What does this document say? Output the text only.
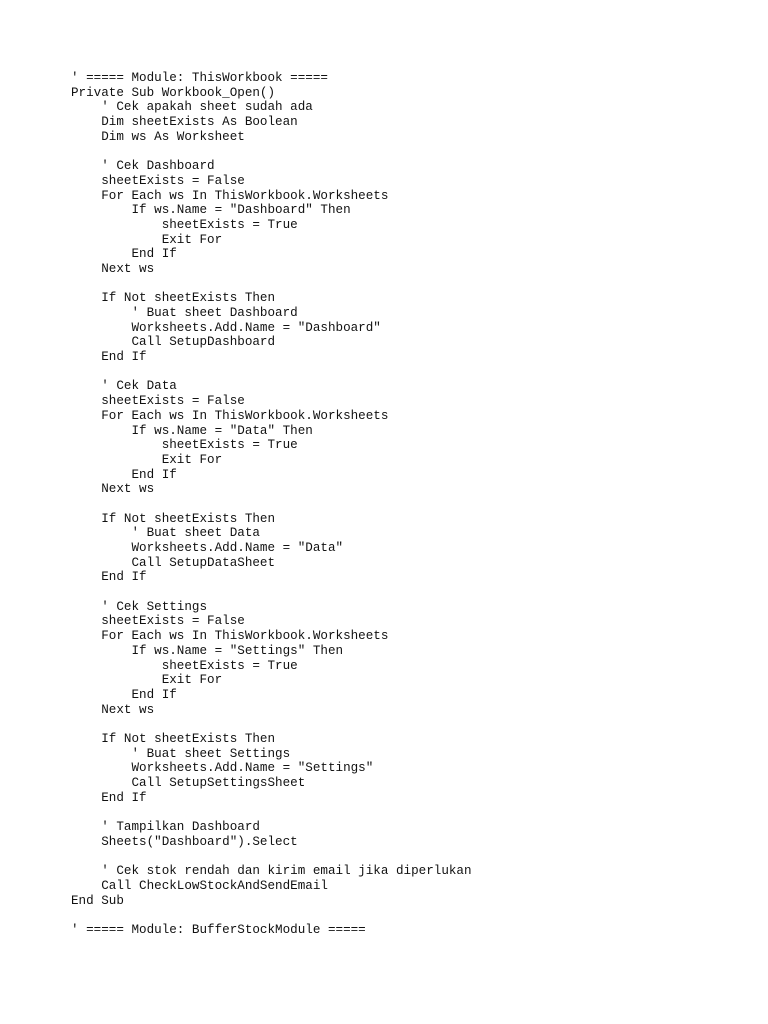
' ===== Module: ThisWorkbook =====
Private Sub Workbook_Open()
' Cek apakah sheet sudah ada
Dim sheetExists As Boolean
Dim ws As Worksheet
' Cek Dashboard
sheetExists = False
For Each ws In ThisWorkbook.Worksheets
If ws.Name = "Dashboard" Then
sheetExists = True
Exit For
End If
Next ws
If Not sheetExists Then
' Buat sheet Dashboard
Worksheets.Add.Name = "Dashboard"
Call SetupDashboard
End If
' Cek Data
sheetExists = False
For Each ws In ThisWorkbook.Worksheets
If ws.Name = "Data" Then
sheetExists = True
Exit For
End If
Next ws
If Not sheetExists Then
' Buat sheet Data
Worksheets.Add.Name = "Data"
Call SetupDataSheet
End If
' Cek Settings
sheetExists = False
For Each ws In ThisWorkbook.Worksheets
If ws.Name = "Settings" Then
sheetExists = True
Exit For
End If
Next ws
If Not sheetExists Then
' Buat sheet Settings
Worksheets.Add.Name = "Settings"
Call SetupSettingsSheet
End If
' Tampilkan Dashboard
Sheets("Dashboard").Select
' Cek stok rendah dan kirim email jika diperlukan
Call CheckLowStockAndSendEmail
End Sub
' ===== Module: BufferStockModule =====
